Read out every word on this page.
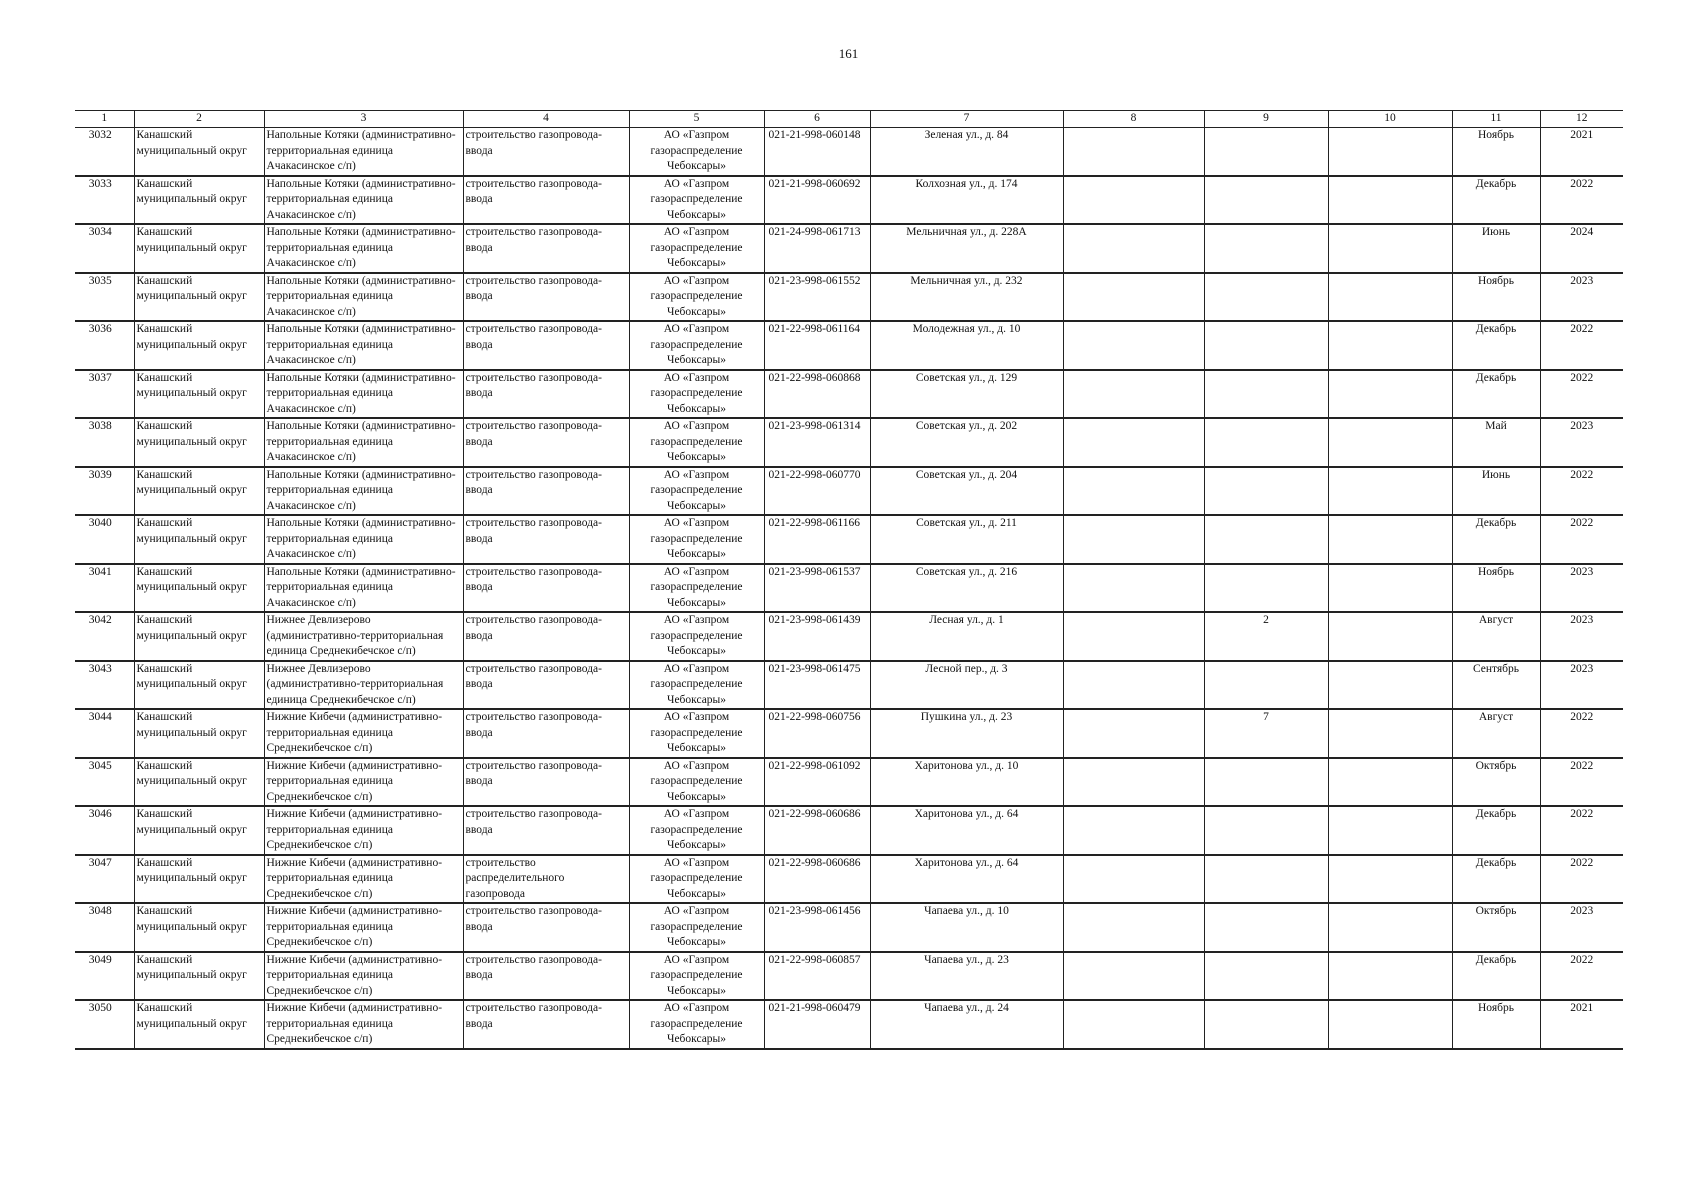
161
1	2	3	4	5	6	7	8	9	10	11	12
3032	Канашский муниципальный округ	Напольные Котяки (административно-территориальная единица Ачакасинское с/п)	строительство газопровода-ввода	АО «Газпром газораспределение Чебоксары»	021-21-998-060148	Зеленая ул., д. 84				Ноябрь	2021
3033	Канашский муниципальный округ	Напольные Котяки (административно-территориальная единица Ачакасинское с/п)	строительство газопровода-ввода	АО «Газпром газораспределение Чебоксары»	021-21-998-060692	Колхозная ул., д. 174				Декабрь	2022
3034	Канашский муниципальный округ	Напольные Котяки (административно-территориальная единица Ачакасинское с/п)	строительство газопровода-ввода	АО «Газпром газораспределение Чебоксары»	021-24-998-061713	Мельничная ул., д. 228А				Июнь	2024
3035	Канашский муниципальный округ	Напольные Котяки (административно-территориальная единица Ачакасинское с/п)	строительство газопровода-ввода	АО «Газпром газораспределение Чебоксары»	021-23-998-061552	Мельничная ул., д. 232				Ноябрь	2023
3036	Канашский муниципальный округ	Напольные Котяки (административно-территориальная единица Ачакасинское с/п)	строительство газопровода-ввода	АО «Газпром газораспределение Чебоксары»	021-22-998-061164	Молодежная ул., д. 10				Декабрь	2022
3037	Канашский муниципальный округ	Напольные Котяки (административно-территориальная единица Ачакасинское с/п)	строительство газопровода-ввода	АО «Газпром газораспределение Чебоксары»	021-22-998-060868	Советская ул., д. 129				Декабрь	2022
3038	Канашский муниципальный округ	Напольные Котяки (административно-территориальная единица Ачакасинское с/п)	строительство газопровода-ввода	АО «Газпром газораспределение Чебоксары»	021-23-998-061314	Советская ул., д. 202				Май	2023
3039	Канашский муниципальный округ	Напольные Котяки (административно-территориальная единица Ачакасинское с/п)	строительство газопровода-ввода	АО «Газпром газораспределение Чебоксары»	021-22-998-060770	Советская ул., д. 204				Июнь	2022
3040	Канашский муниципальный округ	Напольные Котяки (административно-территориальная единица Ачакасинское с/п)	строительство газопровода-ввода	АО «Газпром газораспределение Чебоксары»	021-22-998-061166	Советская ул., д. 211				Декабрь	2022
3041	Канашский муниципальный округ	Напольные Котяки (административно-территориальная единица Ачакасинское с/п)	строительство газопровода-ввода	АО «Газпром газораспределение Чебоксары»	021-23-998-061537	Советская ул., д. 216				Ноябрь	2023
3042	Канашский муниципальный округ	Нижнее Девлизерово (административно-территориальная единица Среднекибечское с/п)	строительство газопровода-ввода	АО «Газпром газораспределение Чебоксары»	021-23-998-061439	Лесная ул., д. 1		2		Август	2023
3043	Канашский муниципальный округ	Нижнее Девлизерово (административно-территориальная единица Среднекибечское с/п)	строительство газопровода-ввода	АО «Газпром газораспределение Чебоксары»	021-23-998-061475	Лесной пер., д. 3				Сентябрь	2023
3044	Канашский муниципальный округ	Нижние Кибечи (административно-территориальная единица Среднекибечское с/п)	строительство газопровода-ввода	АО «Газпром газораспределение Чебоксары»	021-22-998-060756	Пушкина ул., д. 23		7		Август	2022
3045	Канашский муниципальный округ	Нижние Кибечи (административно-территориальная единица Среднекибечское с/п)	строительство газопровода-ввода	АО «Газпром газораспределение Чебоксары»	021-22-998-061092	Харитонова ул., д. 10				Октябрь	2022
3046	Канашский муниципальный округ	Нижние Кибечи (административно-территориальная единица Среднекибечское с/п)	строительство газопровода-ввода	АО «Газпром газораспределение Чебоксары»	021-22-998-060686	Харитонова ул., д. 64				Декабрь	2022
3047	Канашский муниципальный округ	Нижние Кибечи (административно-территориальная единица Среднекибечское с/п)	строительство распределительного газопровода	АО «Газпром газораспределение Чебоксары»	021-22-998-060686	Харитонова ул., д. 64				Декабрь	2022
3048	Канашский муниципальный округ	Нижние Кибечи (административно-территориальная единица Среднекибечское с/п)	строительство газопровода-ввода	АО «Газпром газораспределение Чебоксары»	021-23-998-061456	Чапаева ул., д. 10				Октябрь	2023
3049	Канашский муниципальный округ	Нижние Кибечи (административно-территориальная единица Среднекибечское с/п)	строительство газопровода-ввода	АО «Газпром газораспределение Чебоксары»	021-22-998-060857	Чапаева ул., д. 23				Декабрь	2022
3050	Канашский муниципальный округ	Нижние Кибечи (административно-территориальная единица Среднекибечское с/п)	строительство газопровода-ввода	АО «Газпром газораспределение Чебоксары»	021-21-998-060479	Чапаева ул., д. 24				Ноябрь	2021
